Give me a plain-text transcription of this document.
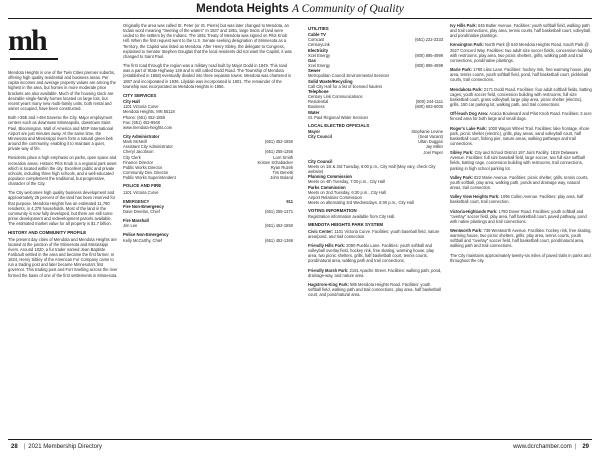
Mendota Heights A Community of Quality
mh

Mendota Heights is one of the Twin Cities premier suburbs, offering high quality residential and business areas. Per capita incomes and average property values are among the highest in the area, but homes in more moderate price brackets are also available. Much of the housing stock are desirable single-family homes located on large lots, but recent years many new multi-family units, both rental and owner occupied, have been constructed.

Both I-35E and I-494 traverse the City. Major employment centers such as downtown Minneapolis, downtown Saint Paul, Bloomington, Mall of America and MSP International Airport are just minutes away. At the same time, the Minnesota and Mississippi rivers form a natural green belt around the community, enabling it to maintain a quiet, private way of life.

Residents place a high emphasis on parks, open space and recreation areas. Historic Pilot Knob is a regional park asset which is located within the city. Excellent public and private schools, including three high schools, and a well-educated populace complement the traditional, but progressive, character of the City.

The City welcomes high quality business development and approximately 25 percent of the land has been reserved for that purpose. Mendota Heights has an estimated 11,790 residents, in 4,378 households. Most of the land in the community is now fully developed, but there are still some prime development and redevelopment parcels available. The estimated market value for all property is $1.7 billion.

HISTORY AND COMMUNITY PROFILE

The present day cities of Mendota and Mendota Heights are located at the junction of the Minnesota and Mississippi rivers. Around 1820, a fur trader named Jean Baptiste Faribault settled in the area and became the first farmer. In 1834, Henry Sibley of the American Fur Company came to run a trading post and later became Minnesota's first governor. This trading post and Fort Snelling across the river formed the basis of one of the first settlements in Minnesota.

Originally the area was called St. Peter (or St. Pierre) but was later changed to Mendota, an Indian word meaning "meeting of the waters" In 1837 and 1851, large tracts of land were ceded to the settlers by the Indians. The 1851 Treaty of Mendota was signed on Pilot Knob Hill. When the first request went to the U.S. Senate seeking designation of Minnesota as a Territory, the Capitol was listed as Mendota. After Henry Sibley, the delegate to Congress, explained to Senator Stephen Douglas that the local residents did not want the Capitol, it was changed to Saint Paul.

The first road through the region was a military road built by Major Dodd in 1849. This road was a part of State Highway 149 and is still called Dodd Road. The Township of Mendota (established in 1858) eventually divided into three separate towns. Mendota was chartered in 1887 and incorporated in 1936. Lilydale was incorporated in 1901. The remainder of the township was incorporated as Mendota Heights in 1956.

CITY SERVICES
City Hall
1101 Victoria Curve
Mendota Heights, MN 55118
Phone: (651) 452-1850
Fax: (651) 452-8940
www.mendota-heights.com
City Administrator
Mark McNeill	(651) 452-1850
Assistant City Administrator
Cheryl Jacobson	(651) 255-1356
City Clerk	Lorri Smith
Finance Director	Kristen Schabacker
Public Works Director	Ryan Ruzek
Community Dev. Director	Tim Benetti
Public Works Superintendent	John Boland
POLICE AND FIRE
1101 Victoria Curve
EMERGENCY	911
Fire Non-Emergency
Dave Dreelan, Chief	(651) 255-1371
Fire Marshall
Jim Lee	(651) 452-1850
Police Non-Emergency
Kelly McCarthy, Chief	(651) 452-1366
UTILITIES
Cable TV
Comcast	(651) 222-3333
CenturyLink
Electricity
Xcel Energy	(800) 895-4999
Gas
Xcel Energy	(800) 895-4999
Sewer
Metropolitan Council Environmental Services
Solid Waste/Recycling
Call City Hall for a list of licensed haulers
Telephone
Century Link Communications
Residential	(800) 244-1111
Business	(800) 603-6000
Water
St. Paul Regional Water Services
LOCAL ELECTED OFFICIALS
Mayor	Stephanie Levine
City Council	(Seat Vacant)
Ultan Duggan
Jay Miller
Joel Paper
City Council
Meets on 1st & 3rd Tuesday, 6:00 p.m., City Hall (May vary, check City website)
Planning Commission
Meets on 4th Tuesday, 7:00 p.m., City Hall
Parks Commission
Meets on 2nd Tuesday, 6:30 p.m., City Hall
Airport Relations Commission
Meets on alternating 3rd Wednesdays, 6:00 p.m., City Hall
VOTING INFORMATION
Registration information available from City Hall.
MENDOTA HEIGHTS PARK SYSTEM

Civic Center: 1101 Victoria Curve. Facilities: youth baseball field, nature area/pond, and trail connection.

Friendly Hills Park: 2090 Pueblo Lane. Facilities: youth softball and volleyball overlay field, hockey rink, free skating, warming house, play area, two picnic shelters, grills, half basketball court, tennis courts, pond/natural area, walking path and trail connections.

Friendly Marsh Park: 2181 Apache Street. Facilities: walking path, pond, drainage-way, and nature area.

Hagstrom-King Park: 585 Mendota Heights Road. Facilities: youth softball field, walking path and trail connections, play area, half basketball court, and pond/natural area.

Ivy Hills Park: 645 Butler Avenue. Facilities: youth softball field, walking path and trail connections, play area, tennis courts, half basketball court, volleyball, and pond/native plantings.

Kensington Park: North Park @ 640 Mendota Heights Road, South Park @ 2627 Concord Way. Facilities: two adult size soccer fields, concession building with restrooms, play area, two picnic shelters, grills, walking path and trail connections, pond/native plantings.

Marie Park: 1780 Lilac Lane. Facilities: hockey rink, free warming house, play area, tennis courts, youth softball field, pond, half basketball court, pickleball courts, trail connections.

Mendakota Park: 2171 Dodd Road. Facilities: four adult softball fields, batting cages, youth soccer field, concession building with restrooms, full size basketball court, grass volleyball, large play area, picnic shelter (electric), grills, 150 car parking lot, walking path, and trail connections.

Off-leash Dog Area: Acacia Boulevard and Pilot Knob Road. Facilities: 3 acre fenced area for both large and small dogs.

Roger's Lake Park: 1000 Wagon Wheel Trail. Facilities: lake frontage, shore park, picnic shelter (electric), grills, play areas, sand volleyball court, half basketball court, fishing pier, nature areas, walking pathways and trail connections.

Sibley Park: City and School District 197 Joint Facility. 1819 Delaware Avenue. Facilities: full size baseball field, large soccer, two full size softball fields, batting cage, concession building with restrooms, trail connections, parking in high school parking lot.

Valley Park: 822 Marie Avenue. Facilities: picnic shelter, grills, tennis courts, youth softball, play area, walking path, ponds and drainage way, natural areas, trail connection.

Valley View Heights Park: 1096 Cullen Avenue. Facilities: play area, half basketball court, trail connection.

Victoria-Highlands Park: 1780 Dover Road. Facilities: youth softball and "overlay" soccer field, play area, half basketball court, paved pathway, pond with native plantings and trail connections.

Wentworth Park: 739 Wentworth Avenue. Facilities: hockey rink, free skating, warming house, two picnic shelters, grills, play area, tennis courts, youth softball and "overlay" soccer field, half basketball court, pond/natural area, walking path and trail connections.

The City maintains approximately twenty-six miles of paved trails in parks and throughout the city.

28 | 2021 Membership Directory	www.dcrchamber.com | 29
